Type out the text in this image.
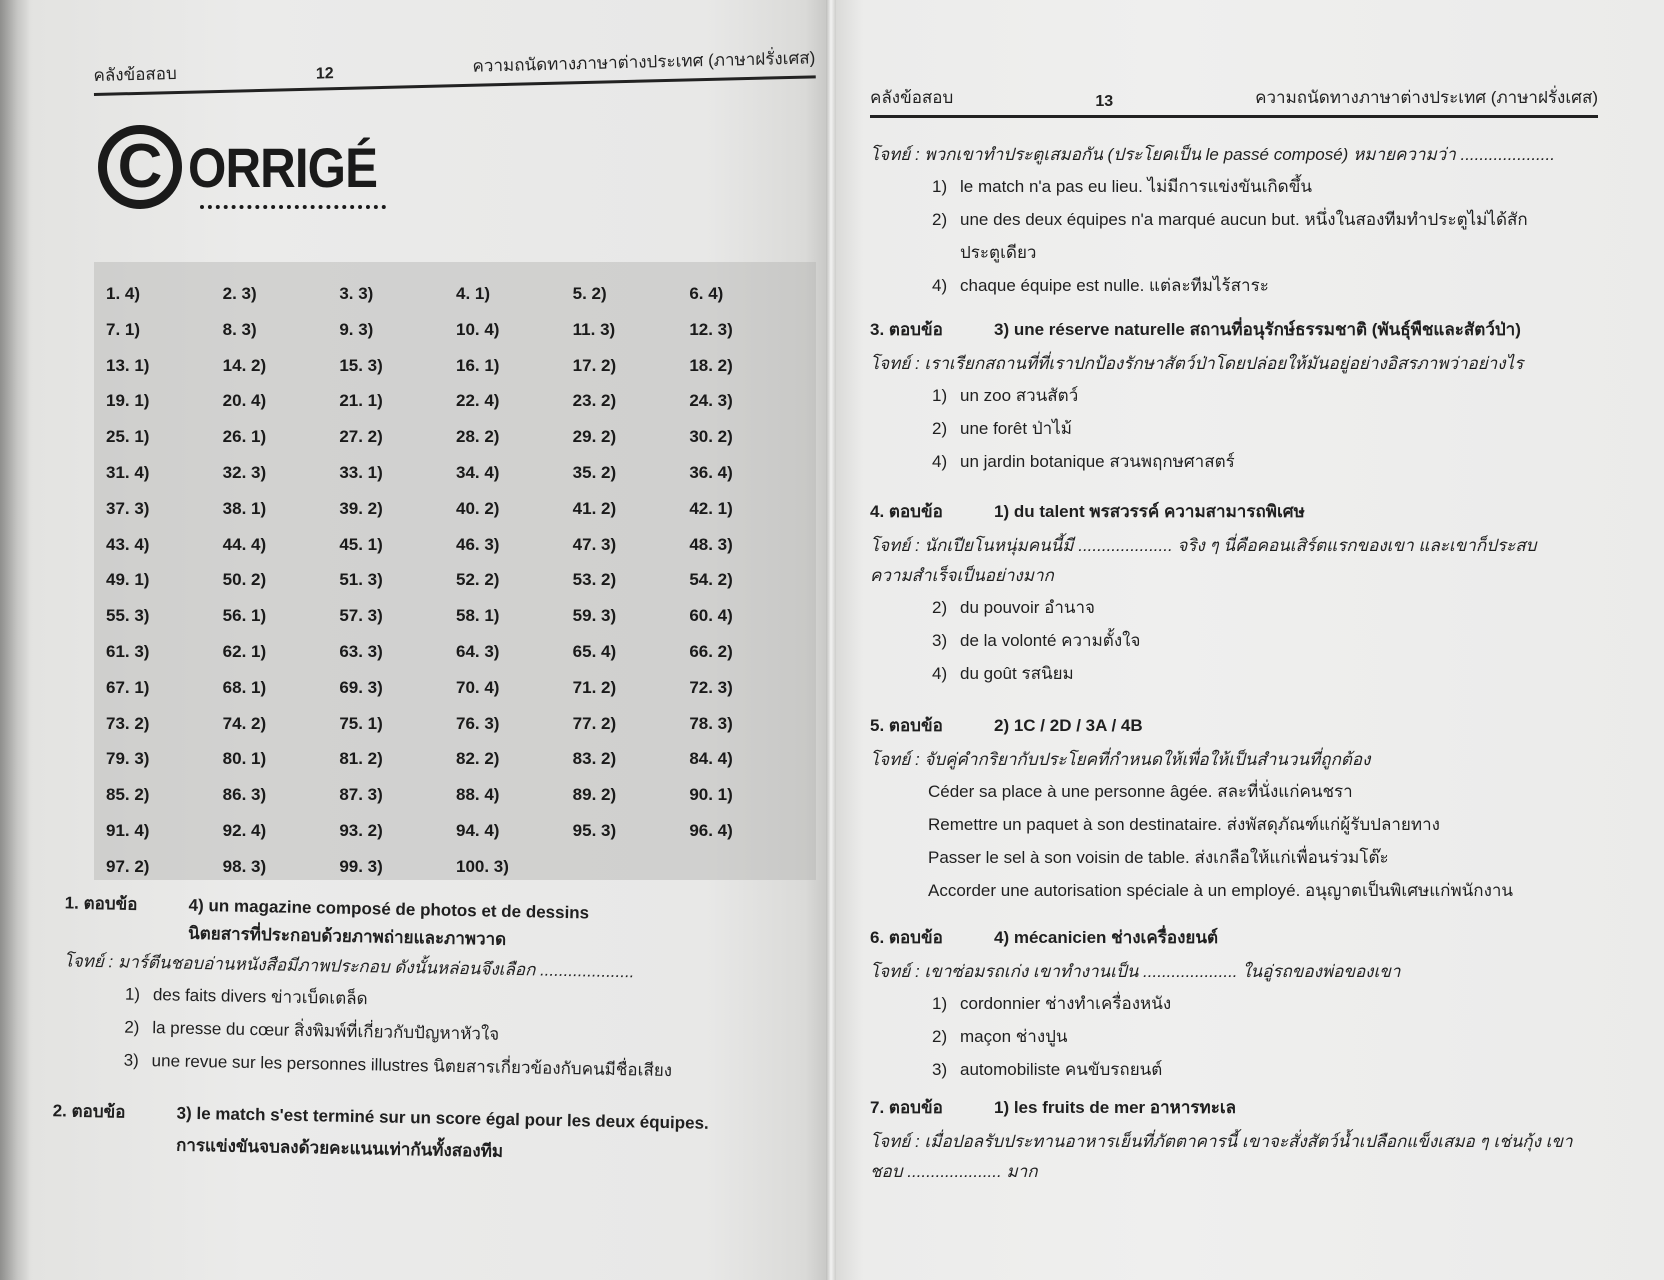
คลังข้อสอบ	12	ความถนัดทางภาษาต่างประเทศ (ภาษาฝรั่งเศส)
C ORRIGÉ
1. 4)	2. 3)	3. 3)	4. 1)	5. 2)	6. 4)
7. 1)	8. 3)	9. 3)	10. 4)	11. 3)	12. 3)
13. 1)	14. 2)	15. 3)	16. 1)	17. 2)	18. 2)
19. 1)	20. 4)	21. 1)	22. 4)	23. 2)	24. 3)
25. 1)	26. 1)	27. 2)	28. 2)	29. 2)	30. 2)
31. 4)	32. 3)	33. 1)	34. 4)	35. 2)	36. 4)
37. 3)	38. 1)	39. 2)	40. 2)	41. 2)	42. 1)
43. 4)	44. 4)	45. 1)	46. 3)	47. 3)	48. 3)
49. 1)	50. 2)	51. 3)	52. 2)	53. 2)	54. 2)
55. 3)	56. 1)	57. 3)	58. 1)	59. 3)	60. 4)
61. 3)	62. 1)	63. 3)	64. 3)	65. 4)	66. 2)
67. 1)	68. 1)	69. 3)	70. 4)	71. 2)	72. 3)
73. 2)	74. 2)	75. 1)	76. 3)	77. 2)	78. 3)
79. 3)	80. 1)	81. 2)	82. 2)	83. 2)	84. 4)
85. 2)	86. 3)	87. 3)	88. 4)	89. 2)	90. 1)
91. 4)	92. 4)	93. 2)	94. 4)	95. 3)	96. 4)
97. 2)	98. 3)	99. 3)	100. 3)
1. ตอบข้อ	4) un magazine composé de photos et de dessins
นิตยสารที่ประกอบด้วยภาพถ่ายและภาพวาด
โจทย์ : มาร์ตีนชอบอ่านหนังสือมีภาพประกอบ ดังนั้นหล่อนจึงเลือก ....................
1) des faits divers ข่าวเบ็ดเตล็ด
2) la presse du cœur สิ่งพิมพ์ที่เกี่ยวกับปัญหาหัวใจ
3) une revue sur les personnes illustres นิตยสารเกี่ยวข้องกับคนมีชื่อเสียง
2. ตอบข้อ	3) le match s'est terminé sur un score égal pour les deux équipes.
การแข่งขันจบลงด้วยคะแนนเท่ากันทั้งสองทีม
คลังข้อสอบ	13	ความถนัดทางภาษาต่างประเทศ (ภาษาฝรั่งเศส)
โจทย์ : พวกเขาทำประตูเสมอกัน (ประโยคเป็น le passé composé) หมายความว่า ....................
1) le match n'a pas eu lieu. ไม่มีการแข่งขันเกิดขึ้น
2) une des deux équipes n'a marqué aucun but. หนึ่งในสองทีมทำประตูไม่ได้สัก
ประตูเดียว
4) chaque équipe est nulle. แต่ละทีมไร้สาระ
3. ตอบข้อ	3) une réserve naturelle สถานที่อนุรักษ์ธรรมชาติ (พันธุ์พืชและสัตว์ป่า)
โจทย์ : เราเรียกสถานที่ที่เราปกป้องรักษาสัตว์ป่าโดยปล่อยให้มันอยู่อย่างอิสรภาพว่าอย่างไร
1) un zoo สวนสัตว์
2) une forêt ป่าไม้
4) un jardin botanique สวนพฤกษศาสตร์
4. ตอบข้อ	1) du talent พรสวรรค์ ความสามารถพิเศษ
โจทย์ : นักเปียโนหนุ่มคนนี้มี .................... จริง ๆ นี่คือคอนเสิร์ตแรกของเขา และเขาก็ประสบ
ความสำเร็จเป็นอย่างมาก
2) du pouvoir อำนาจ
3) de la volonté ความตั้งใจ
4) du goût รสนิยม
5. ตอบข้อ	2) 1C / 2D / 3A / 4B
โจทย์ : จับคู่คำกริยากับประโยคที่กำหนดให้เพื่อให้เป็นสำนวนที่ถูกต้อง
Céder sa place à une personne âgée. สละที่นั่งแก่คนชรา
Remettre un paquet à son destinataire. ส่งพัสดุภัณฑ์แก่ผู้รับปลายทาง
Passer le sel à son voisin de table. ส่งเกลือให้แก่เพื่อนร่วมโต๊ะ
Accorder une autorisation spéciale à un employé. อนุญาตเป็นพิเศษแก่พนักงาน
6. ตอบข้อ	4) mécanicien ช่างเครื่องยนต์
โจทย์ : เขาซ่อมรถเก่ง เขาทำงานเป็น .................... ในอู่รถของพ่อของเขา
1) cordonnier ช่างทำเครื่องหนัง
2) maçon ช่างปูน
3) automobiliste คนขับรถยนต์
7. ตอบข้อ	1) les fruits de mer อาหารทะเล
โจทย์ : เมื่อปอลรับประทานอาหารเย็นที่ภัตตาคารนี้ เขาจะสั่งสัตว์น้ำเปลือกแข็งเสมอ ๆ เช่นกุ้ง เขา
ชอบ .................... มาก
